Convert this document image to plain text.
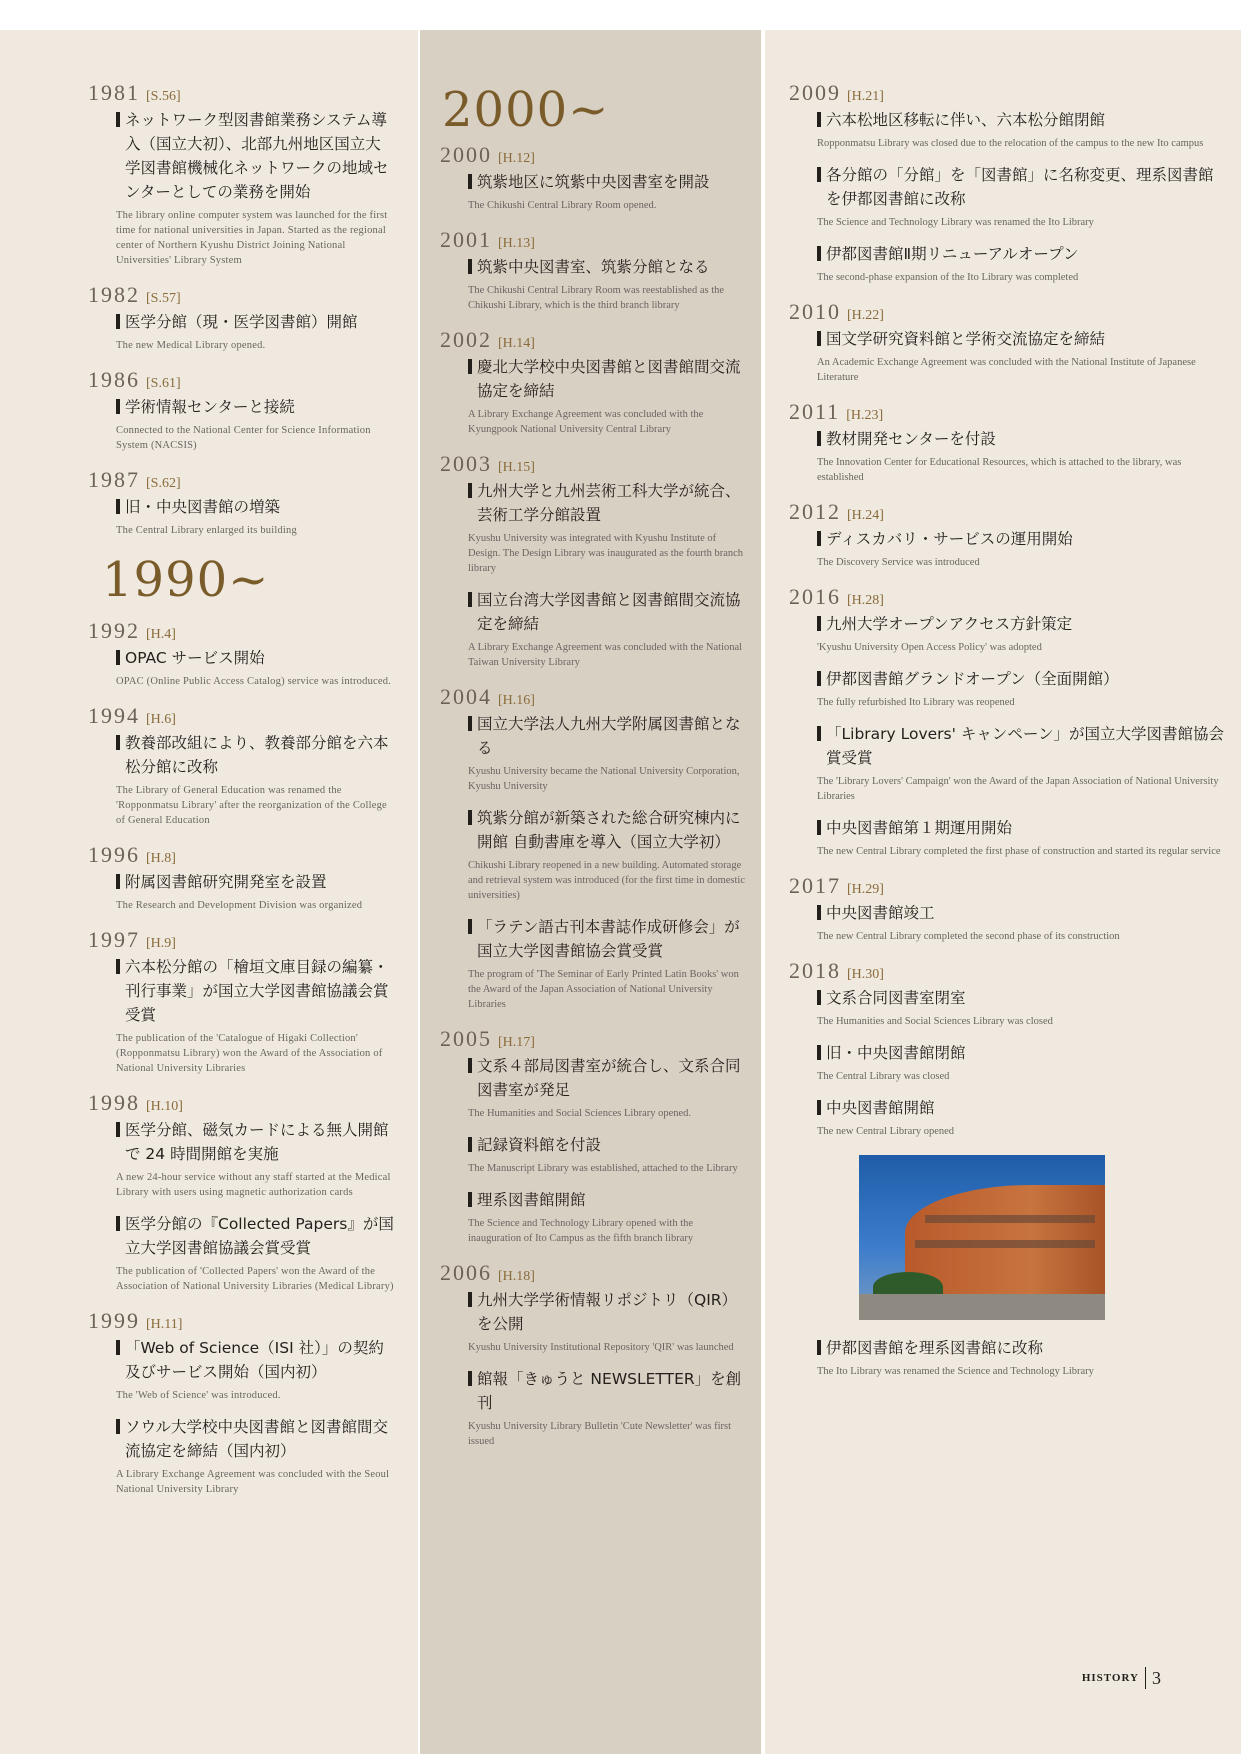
1981 [S.56]
ネットワーク型図書館業務システム導入（国立大初）、北部九州地区国立大学図書館機械化ネットワークの地域センターとしての業務を開始
The library online computer system was launched for the first time for national universities in Japan. Started as the regional center of Northern Kyushu District Joining National Universities' Library System
1982 [S.57]
医学分館（現・医学図書館）開館
The new Medical Library opened.
1986 [S.61]
学術情報センターと接続
Connected to the National Center for Science Information System (NACSIS)
1987 [S.62]
旧・中央図書館の増築
The Central Library enlarged its building
1990~
1992 [H.4]
OPAC サービス開始
OPAC (Online Public Access Catalog) service was introduced.
1994 [H.6]
教養部改組により、教養部分館を六本松分館に改称
The Library of General Education was renamed the 'Ropponmatsu Library' after the reorganization of the College of General Education
1996 [H.8]
附属図書館研究開発室を設置
The Research and Development Division was organized
1997 [H.9]
六本松分館の「檜垣文庫目録の編纂・刊行事業」が国立大学図書館協議会賞受賞
The publication of the 'Catalogue of Higaki Collection' (Ropponmatsu Library) won the Award of the Association of National University Libraries
1998 [H.10]
医学分館、磁気カードによる無人開館で 24 時間開館を実施
A new 24-hour service without any staff started at the Medical Library with users using magnetic authorization cards
医学分館の『Collected Papers』が国立大学図書館協議会賞受賞
The publication of 'Collected Papers' won the Award of the Association of National University Libraries (Medical Library)
1999 [H.11]
「Web of Science（ISI 社）」の契約及びサービス開始（国内初）
The 'Web of Science' was introduced.
ソウル大学校中央図書館と図書館間交流協定を締結（国内初）
A Library Exchange Agreement was concluded with the Seoul National University Library
2000~
2000 [H.12]
筑紫地区に筑紫中央図書室を開設
The Chikushi Central Library Room opened.
2001 [H.13]
筑紫中央図書室、筑紫分館となる
The Chikushi Central Library Room was reestablished as the Chikushi Library, which is the third branch library
2002 [H.14]
慶北大学校中央図書館と図書館間交流協定を締結
A Library Exchange Agreement was concluded with the Kyungpook National University Central Library
2003 [H.15]
九州大学と九州芸術工科大学が統合、芸術工学分館設置
Kyushu University was integrated with Kyushu Institute of Design. The Design Library was inaugurated as the fourth branch library
国立台湾大学図書館と図書館間交流協定を締結
A Library Exchange Agreement was concluded with the National Taiwan University Library
2004 [H.16]
国立大学法人九州大学附属図書館となる
Kyushu University became the National University Corporation, Kyushu University
筑紫分館が新築された総合研究棟内に開館 自動書庫を導入（国立大学初）
Chikushi Library reopened in a new building. Automated storage and retrieval system was introduced (for the first time in domestic universities)
「ラテン語古刊本書誌作成研修会」が国立大学図書館協会賞受賞
The program of 'The Seminar of Early Printed Latin Books' won the Award of the Japan Association of National University Libraries
2005 [H.17]
文系４部局図書室が統合し、文系合同図書室が発足
The Humanities and Social Sciences Library opened.
記録資料館を付設
The Manuscript Library was established, attached to the Library
理系図書館開館
The Science and Technology Library opened with the inauguration of Ito Campus as the fifth branch library
2006 [H.18]
九州大学学術情報リポジトリ（QIR）を公開
Kyushu University Institutional Repository 'QIR' was launched
館報「きゅうと NEWSLETTER」を創刊
Kyushu University Library Bulletin 'Cute Newsletter' was first issued
2009 [H.21]
六本松地区移転に伴い、六本松分館閉館
Ropponmatsu Library was closed due to the relocation of the campus to the new Ito campus
各分館の「分館」を「図書館」に名称変更、理系図書館を伊都図書館に改称
The Science and Technology Library was renamed the Ito Library
伊都図書館Ⅱ期リニューアルオープン
The second-phase expansion of the Ito Library was completed
2010 [H.22]
国文学研究資料館と学術交流協定を締結
An Academic Exchange Agreement was concluded with the National Institute of Japanese Literature
2011 [H.23]
教材開発センターを付設
The Innovation Center for Educational Resources, which is attached to the library, was established
2012 [H.24]
ディスカバリ・サービスの運用開始
The Discovery Service was introduced
2016 [H.28]
九州大学オープンアクセス方針策定
'Kyushu University Open Access Policy' was adopted
伊都図書館グランドオープン（全面開館）
The fully refurbished Ito Library was reopened
「Library Lovers' キャンペーン」が国立大学図書館協会賞受賞
The 'Library Lovers' Campaign' won the Award of the Japan Association of National University Libraries
中央図書館第１期運用開始
The new Central Library completed the first phase of construction and started its regular service
2017 [H.29]
中央図書館竣工
The new Central Library completed the second phase of its construction
2018 [H.30]
文系合同図書室閉室
The Humanities and Social Sciences Library was closed
旧・中央図書館閉館
The Central Library was closed
中央図書館開館
The new Central Library opened
伊都図書館を理系図書館に改称
The Ito Library was renamed the Science and Technology Library
HISTORY 3
